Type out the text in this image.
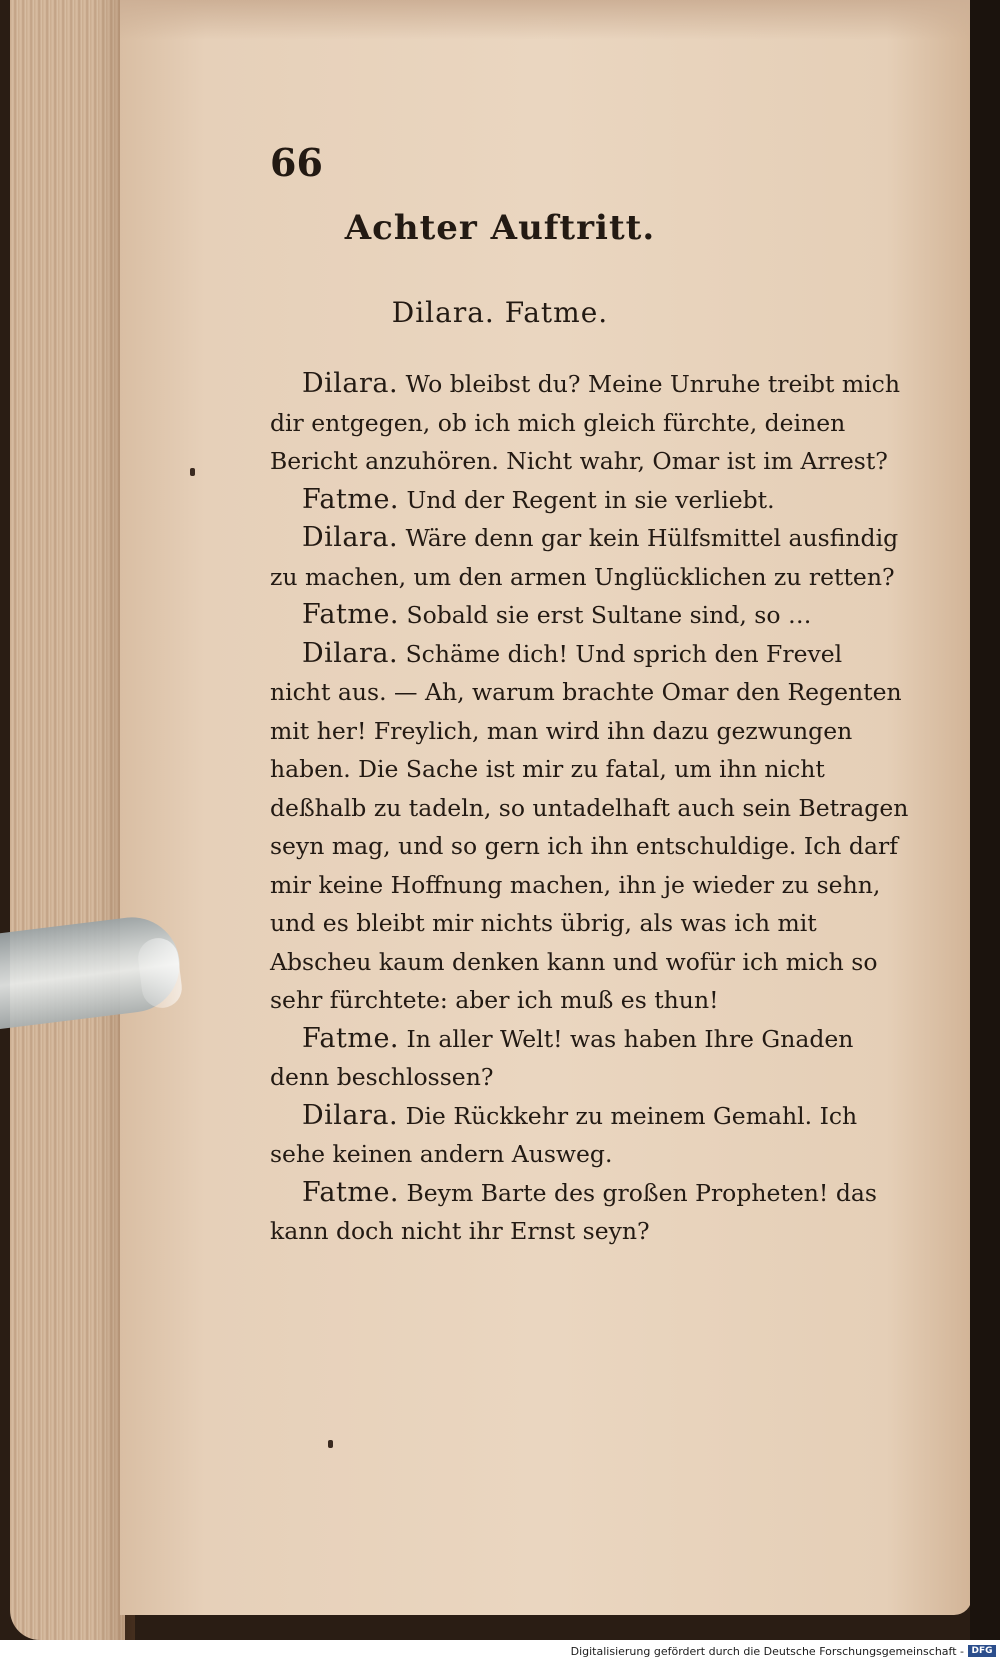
66
Achter Auftritt.
Dilara. Fatme.

Dilara. Wo bleibst du? Meine Unruhe treibt mich dir entgegen, ob ich mich gleich fürchte, deinen Bericht anzuhören. Nicht wahr, Omar ist im Arrest?

Fatme. Und der Regent in sie verliebt.

Dilara. Wäre denn gar kein Hülfsmittel ausfindig zu machen, um den armen Unglücklichen zu retten?

Fatme. Sobald sie erst Sultane sind, so …

Dilara. Schäme dich! Und sprich den Frevel nicht aus. — Ah, warum brachte Omar den Regenten mit her! Freylich, man wird ihn dazu gezwungen haben. Die Sache ist mir zu fatal, um ihn nicht deßhalb zu tadeln, so untadelhaft auch sein Betragen seyn mag, und so gern ich ihn entschuldige. Ich darf mir keine Hoffnung machen, ihn je wieder zu sehn, und es bleibt mir nichts übrig, als was ich mit Abscheu kaum denken kann und wofür ich mich so sehr fürchtete: aber ich muß es thun!

Fatme. In aller Welt! was haben Ihre Gnaden denn beschlossen?

Dilara. Die Rückkehr zu meinem Gemahl. Ich sehe keinen andern Ausweg.

Fatme. Beym Barte des großen Propheten! das kann doch nicht ihr Ernst seyn?

Digitalisierung gefördert durch die Deutsche Forschungsgemeinschaft - DFG
